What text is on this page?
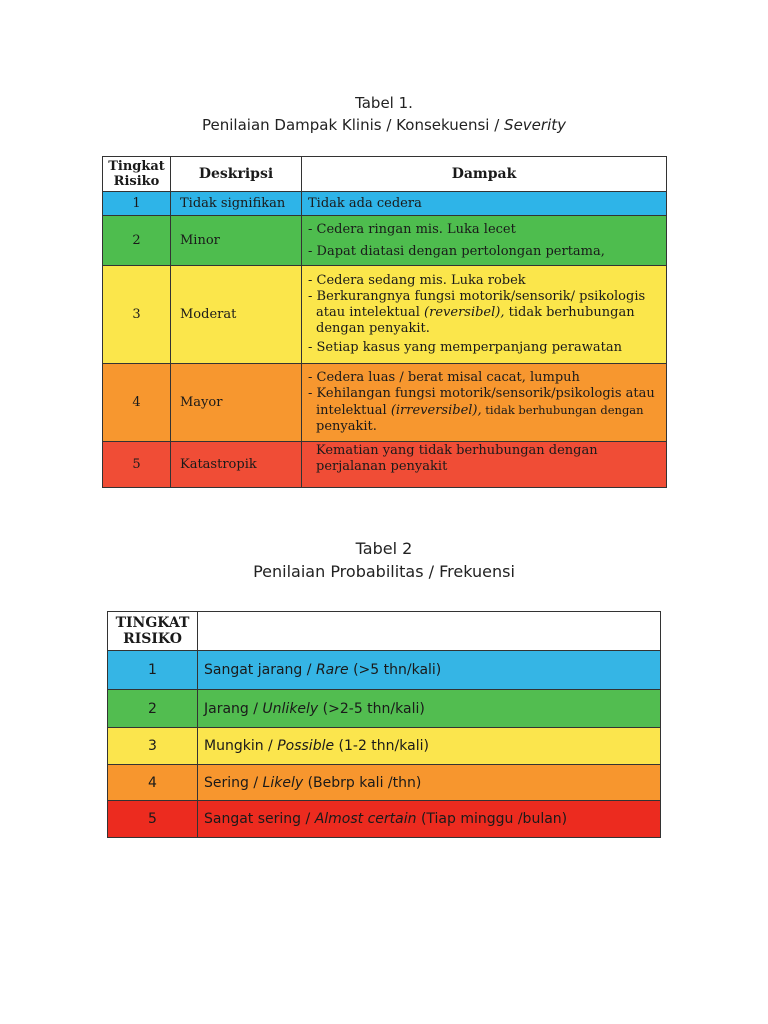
Tabel 1.
Penilaian Dampak Klinis / Konsekuensi / Severity
Tingkat
Risiko	Deskripsi	Dampak
1	Tidak signifikan	Tidak ada cedera

2	Minor	- Cedera ringan mis. Luka lecet
- Dapat diatasi dengan pertolongan pertama,

3	Moderat	- Cedera sedang mis. Luka robek
- Berkurangnya fungsi motorik/sensorik/ psikologis
atau intelektual (reversibel), tidak berhubungan
dengan penyakit.
- Setiap kasus yang memperpanjang perawatan

4	Mayor	- Cedera luas / berat misal cacat, lumpuh
- Kehilangan fungsi motorik/sensorik/psikologis atau
intelektual (irreversibel), tidak berhubungan dengan
penyakit.

5	Katastropik	Kematian yang tidak berhubungan dengan
perjalanan penyakit
Tabel 2
Penilaian Probabilitas / Frekuensi
TINGKAT
RISIKO	

1	Sangat jarang / Rare (>5 thn/kali)
2	Jarang / Unlikely (>2-5 thn/kali)
3	Mungkin / Possible (1-2 thn/kali)
4	Sering / Likely (Bebrp kali /thn)
5	Sangat sering / Almost certain (Tiap minggu /bulan)
